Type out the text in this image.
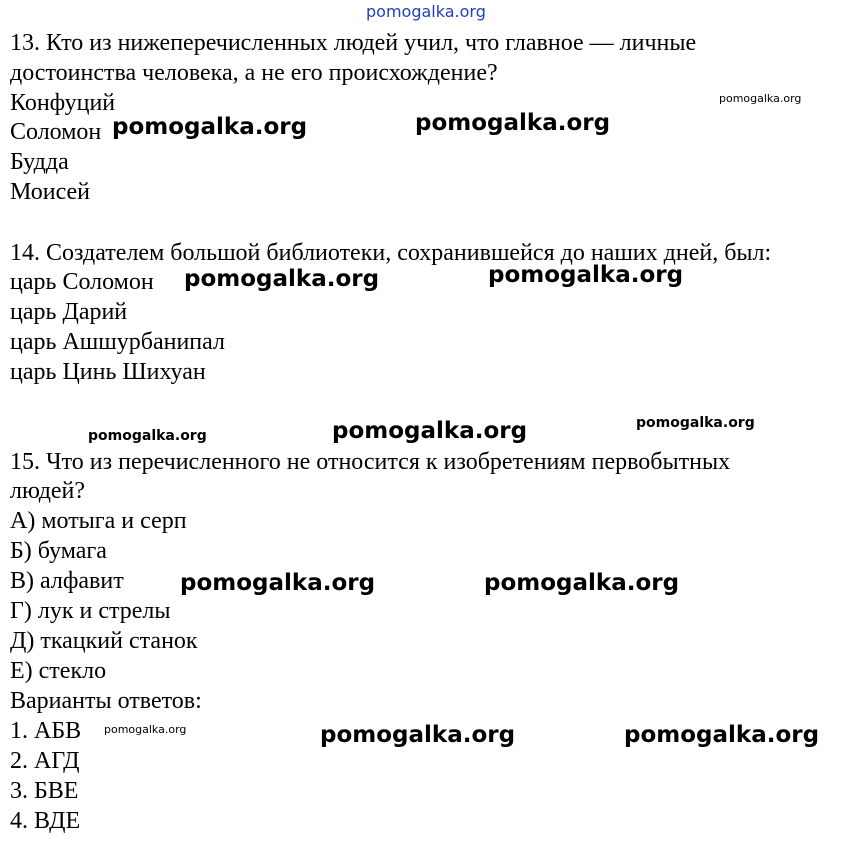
13. Кто из нижеперечисленных людей учил, что главное — личные
достоинства человека, а не его происхождение?
Конфуций
Соломон
Будда
Моисей
14. Создателем большой библиотеки, сохранившейся до наших дней, был:
царь Соломон
царь Дарий
царь Ашшурбанипал
царь Цинь Шихуан
15. Что из перечисленного не относится к изобретениям первобытных
людей?
А) мотыга и серп
Б) бумага
В) алфавит
Г) лук и стрелы
Д) ткацкий станок
Е) стекло
Варианты ответов:
1. АБВ
2. АГД
3. БВЕ
4. ВДЕ
pomogalka.org
pomogalka.org
pomogalka.org	pomogalka.org
pomogalka.org	pomogalka.org
pomogalka.org	pomogalka.org	pomogalka.org
pomogalka.org	pomogalka.org
pomogalka.org	pomogalka.org	pomogalka.org
